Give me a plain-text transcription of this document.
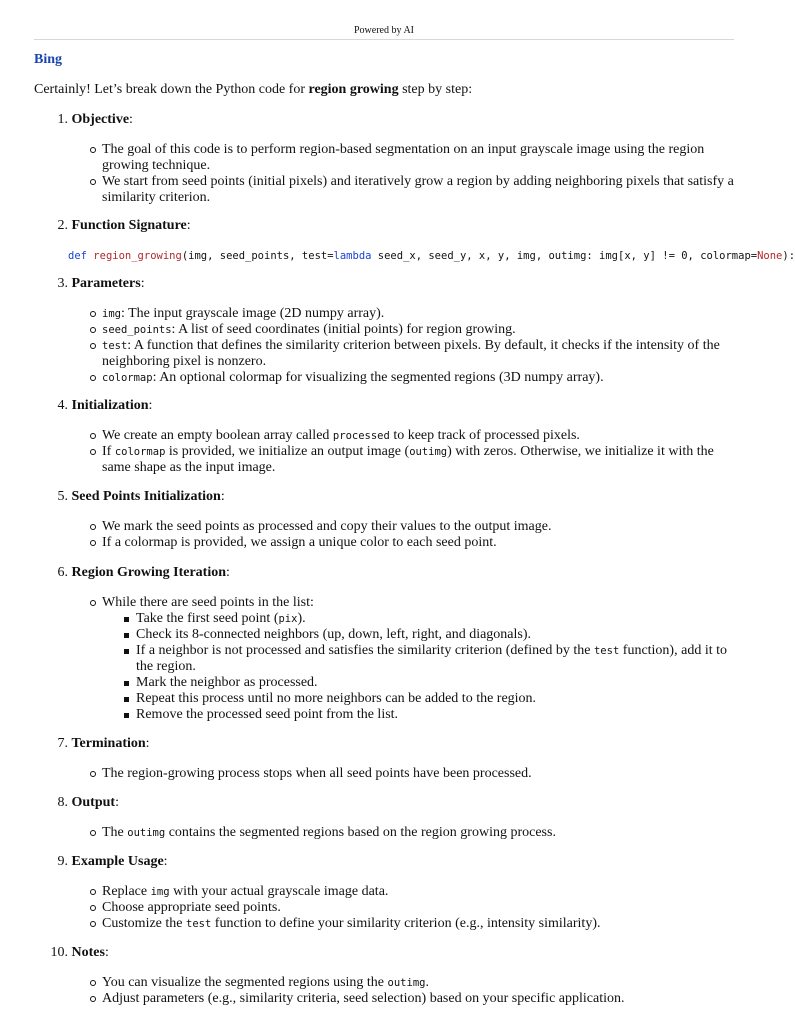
Powered by AI
Bing
Certainly! Let’s break down the Python code for region growing step by step:
1. Objective:
The goal of this code is to perform region-based segmentation on an input grayscale image using the region growing technique.
We start from seed points (initial pixels) and iteratively grow a region by adding neighboring pixels that satisfy a similarity criterion.
2. Function Signature:
def region_growing(img, seed_points, test=lambda seed_x, seed_y, x, y, img, outimg: img[x, y] != 0, colormap=None):
3. Parameters:
img: The input grayscale image (2D numpy array).
seed_points: A list of seed coordinates (initial points) for region growing.
test: A function that defines the similarity criterion between pixels. By default, it checks if the intensity of the neighboring pixel is nonzero.
colormap: An optional colormap for visualizing the segmented regions (3D numpy array).
4. Initialization:
We create an empty boolean array called processed to keep track of processed pixels.
If colormap is provided, we initialize an output image (outimg) with zeros. Otherwise, we initialize it with the same shape as the input image.
5. Seed Points Initialization:
We mark the seed points as processed and copy their values to the output image.
If a colormap is provided, we assign a unique color to each seed point.
6. Region Growing Iteration:
While there are seed points in the list:
Take the first seed point (pix).
Check its 8-connected neighbors (up, down, left, right, and diagonals).
If a neighbor is not processed and satisfies the similarity criterion (defined by the test function), add it to the region.
Mark the neighbor as processed.
Repeat this process until no more neighbors can be added to the region.
Remove the processed seed point from the list.
7. Termination:
The region-growing process stops when all seed points have been processed.
8. Output:
The outimg contains the segmented regions based on the region growing process.
9. Example Usage:
Replace img with your actual grayscale image data.
Choose appropriate seed points.
Customize the test function to define your similarity criterion (e.g., intensity similarity).
10. Notes:
You can visualize the segmented regions using the outimg.
Adjust parameters (e.g., similarity criteria, seed selection) based on your specific application.
